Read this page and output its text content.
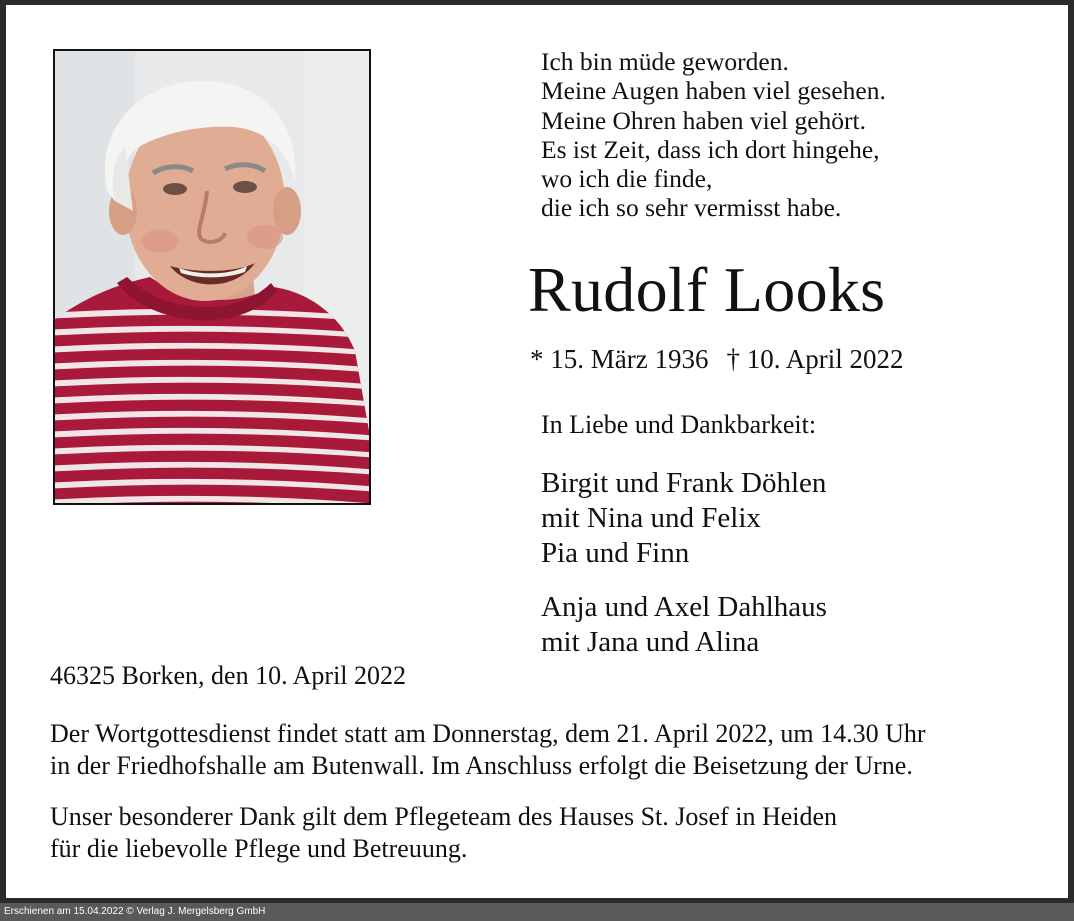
Ich bin müde geworden.
Meine Augen haben viel gesehen.
Meine Ohren haben viel gehört.
Es ist Zeit, dass ich dort hingehe,
wo ich die finde,
die ich so sehr vermisst habe.
Rudolf Looks
* 15. März 1936 † 10. April 2022
In Liebe und Dankbarkeit:
Birgit und Frank Döhlen
mit Nina und Felix
Pia und Finn
Anja und Axel Dahlhaus
mit Jana und Alina
46325 Borken, den 10. April 2022
Der Wortgottesdienst findet statt am Donnerstag, dem 21. April 2022, um 14.30 Uhr
in der Friedhofshalle am Butenwall. Im Anschluss erfolgt die Beisetzung der Urne.
Unser besonderer Dank gilt dem Pflegeteam des Hauses St. Josef in Heiden
für die liebevolle Pflege und Betreuung.
Erschienen am 15.04.2022 © Verlag J. Mergelsberg GmbH
